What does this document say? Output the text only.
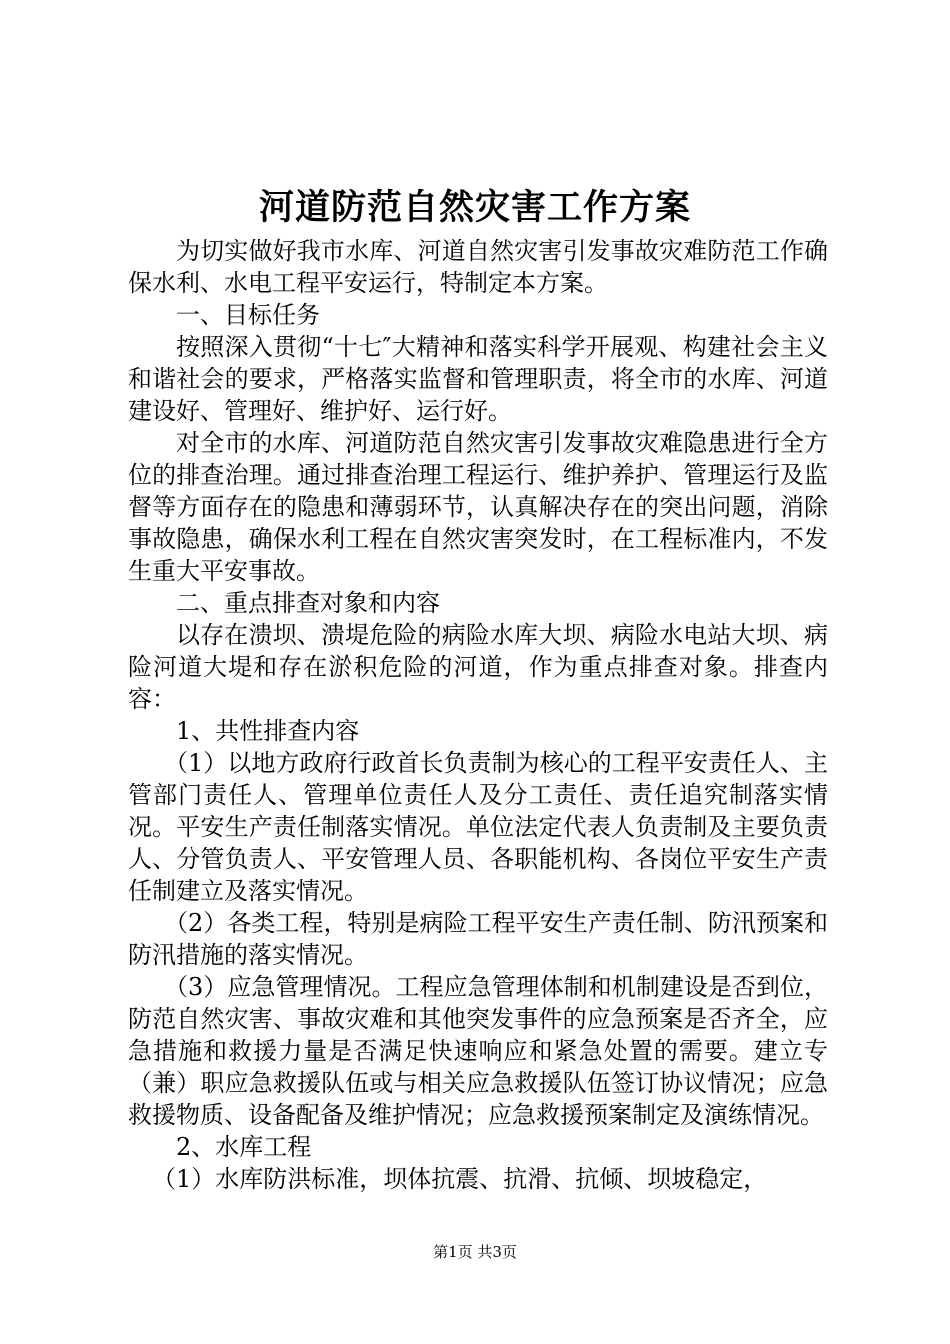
河道防范自然灾害工作方案

为切实做好我市水库、河道自然灾害引发事故灾难防范工作确保水利、水电工程平安运行，特制定本方案。

一、目标任务

按照深入贯彻“十七″大精神和落实科学开展观、构建社会主义和谐社会的要求，严格落实监督和管理职责，将全市的水库、河道建设好、管理好、维护好、运行好。

对全市的水库、河道防范自然灾害引发事故灾难隐患进行全方位的排查治理。通过排查治理工程运行、维护养护、管理运行及监督等方面存在的隐患和薄弱环节，认真解决存在的突出问题，消除事故隐患，确保水利工程在自然灾害突发时，在工程标准内，不发生重大平安事故。

二、重点排查对象和内容

以存在溃坝、溃堤危险的病险水库大坝、病险水电站大坝、病险河道大堤和存在淤积危险的河道，作为重点排查对象。排查内容：

1、共性排查内容

（1）以地方政府行政首长负责制为核心的工程平安责任人、主管部门责任人、管理单位责任人及分工责任、责任追究制落实情况。平安生产责任制落实情况。单位法定代表人负责制及主要负责人、分管负责人、平安管理人员、各职能机构、各岗位平安生产责任制建立及落实情况。

（2）各类工程，特别是病险工程平安生产责任制、防汛预案和防汛措施的落实情况。

（3）应急管理情况。工程应急管理体制和机制建设是否到位，防范自然灾害、事故灾难和其他突发事件的应急预案是否齐全，应急措施和救援力量是否满足快速响应和紧急处置的需要。建立专（兼）职应急救援队伍或与相关应急救援队伍签订协议情况；应急救援物质、设备配备及维护情况；应急救援预案制定及演练情况。

2、水库工程

（1）水库防洪标准，坝体抗震、抗滑、抗倾、坝坡稳定，

第1页 共3页
